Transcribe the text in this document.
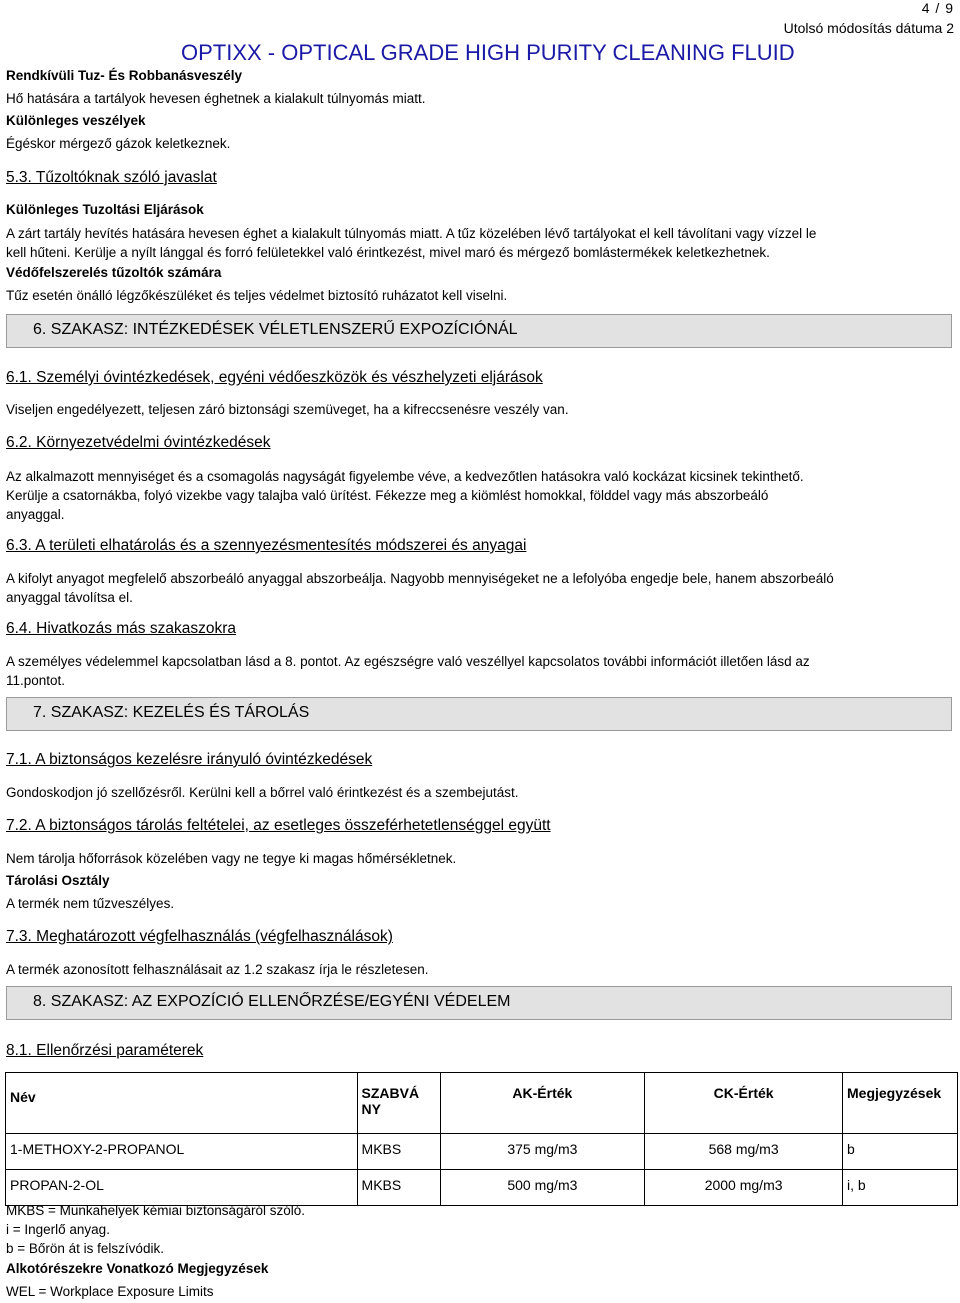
4 / 9
Utolsó módosítás dátuma 2
OPTIXX - OPTICAL GRADE HIGH PURITY CLEANING FLUID
Rendkívüli Tuz- És Robbanásveszély
Hő hatására a tartályok hevesen éghetnek a kialakult túlnyomás miatt.
Különleges veszélyek
Égéskor mérgező gázok keletkeznek.
5.3. Tűzoltóknak szóló javaslat
Különleges Tuzoltási Eljárások
A zárt tartály hevítés hatására hevesen éghet a kialakult túlnyomás miatt. A tűz közelében lévő tartályokat el kell távolítani vagy vízzel le
kell hűteni. Kerülje a nyílt lánggal és forró felületekkel való érintkezést, mivel maró és mérgező bomlástermékek keletkezhetnek.
Védőfelszerelés tűzoltók számára
Tűz esetén önálló légzőkészüléket és teljes védelmet biztosító ruházatot kell viselni.
6. SZAKASZ: INTÉZKEDÉSEK VÉLETLENSZERŰ EXPOZÍCIÓNÁL
6.1. Személyi óvintézkedések, egyéni védőeszközök és vészhelyzeti eljárások
Viseljen engedélyezett, teljesen záró biztonsági szemüveget, ha a kifreccsenésre veszély van.
6.2. Környezetvédelmi óvintézkedések
Az alkalmazott mennyiséget és a csomagolás nagyságát figyelembe véve, a kedvezőtlen hatásokra való kockázat kicsinek tekinthető.
Kerülje a csatornákba, folyó vizekbe vagy talajba való ürítést. Fékezze meg a kiömlést homokkal, földdel vagy más abszorbeáló
anyaggal.
6.3. A területi elhatárolás és a szennyezésmentesítés módszerei és anyagai
A kifolyt anyagot megfelelő abszorbeáló anyaggal abszorbeálja. Nagyobb mennyiségeket ne a lefolyóba engedje bele, hanem abszorbeáló
anyaggal távolítsa el.
6.4. Hivatkozás más szakaszokra
A személyes védelemmel kapcsolatban lásd a 8. pontot. Az egészségre való veszéllyel kapcsolatos további információt illetően lásd az
11.pontot.
7. SZAKASZ: KEZELÉS ÉS TÁROLÁS
7.1. A biztonságos kezelésre irányuló óvintézkedések
Gondoskodjon jó szellőzésről. Kerülni kell a bőrrel való érintkezést és a szembejutást.
7.2. A biztonságos tárolás feltételei, az esetleges összeférhetetlenséggel együtt
Nem tárolja hőforrások közelében vagy ne tegye ki magas hőmérsékletnek.
Tárolási Osztály
A termék nem tűzveszélyes.
7.3. Meghatározott végfelhasználás (végfelhasználások)
A termék azonosított felhasználásait az 1.2 szakasz írja le részletesen.
8. SZAKASZ: AZ EXPOZÍCIÓ ELLENŐRZÉSE/EGYÉNI VÉDELEM
8.1. Ellenőrzési paraméterek
Név	SZABVÁ
NY	AK-Érték	CK-Érték	Megjegyzések
1-METHOXY-2-PROPANOL	MKBS	375 mg/m3	568 mg/m3	b
PROPAN-2-OL	MKBS	500 mg/m3	2000 mg/m3	i, b
MKBS = Munkahelyek kémiai biztonságáról szóló.
i = Ingerlő anyag.
b = Bőrön át is felszívódik.
Alkotórészekre Vonatkozó Megjegyzések
WEL = Workplace Exposure Limits
